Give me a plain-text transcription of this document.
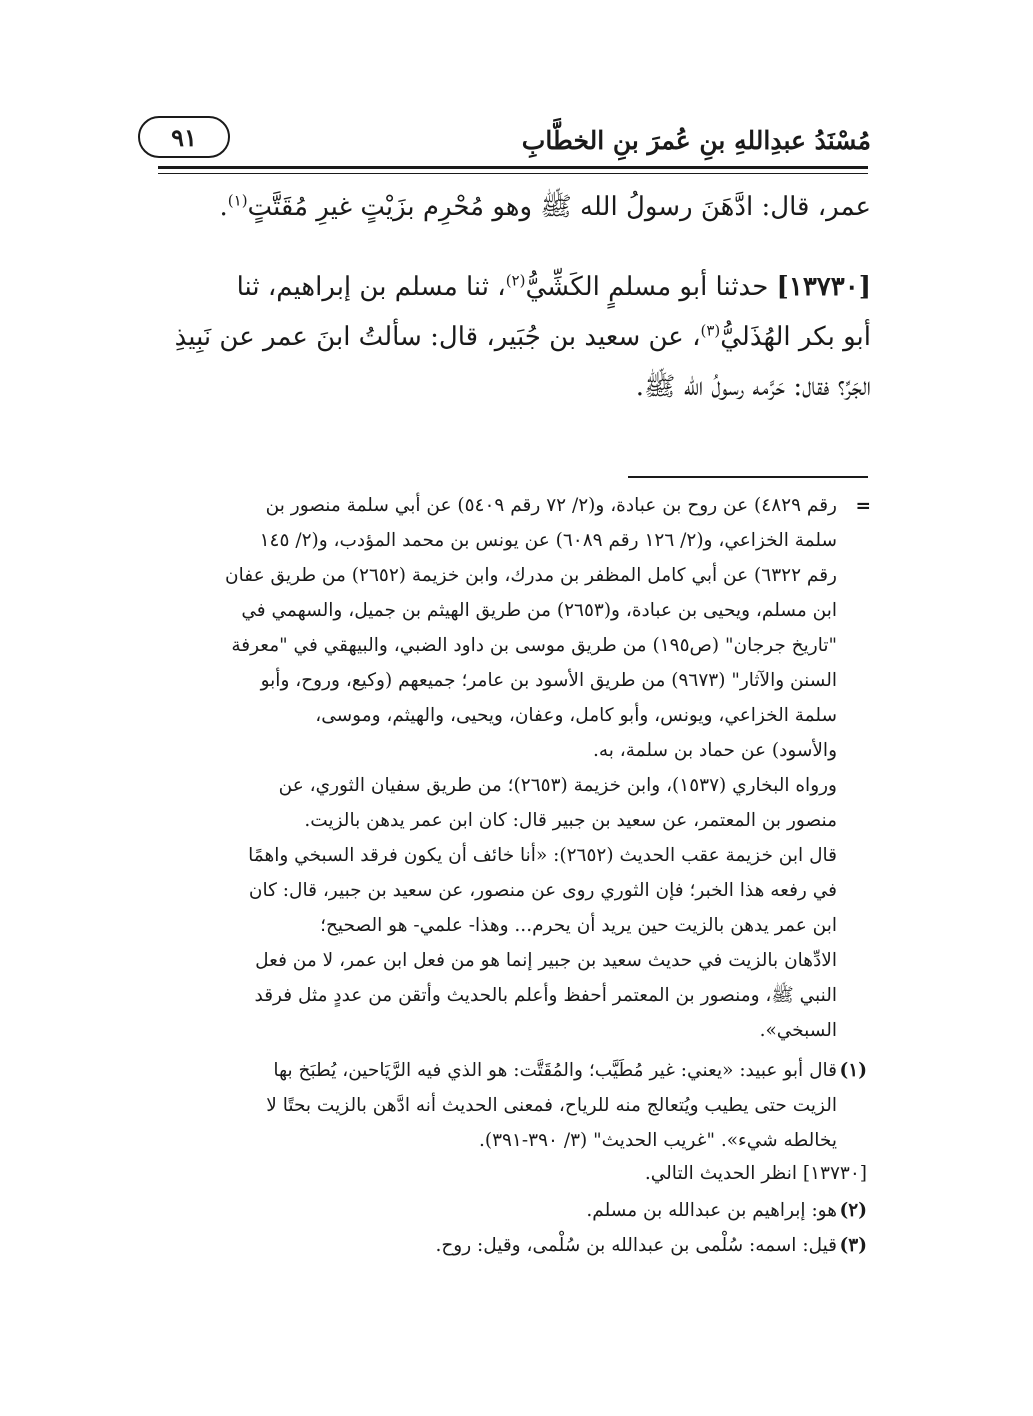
مُسْنَدُ عبدِاللهِ بنِ عُمرَ بنِ الخطَّابِ
٩١
عمر، قال: ادَّهَنَ رسولُ الله ﷺ وهو مُحْرِم بزَيْتٍ غيرِ مُقَتَّتٍ$^{(١)}$.
[١٣٧٣٠] حدثنا أبو مسلمٍ الكَشِّيُّ$^{(٢)}$، ثنا مسلم بن إبراهيم، ثنا
أبو بكر الهُذَليُّ$^{(٣)}$، عن سعيد بن جُبَير، قال: سألتُ ابنَ عمر عن نَبِيذِ
الجَرِّ؟ فقال: حَرَّمه رسولُ الله ﷺ.
=
رقم ٤٨٢٩) عن روح بن عبادة، و(٢/ ٧٢ رقم ٥٤٠٩) عن أبي سلمة منصور بن
سلمة الخزاعي، و(٢/ ١٢٦ رقم ٦٠٨٩) عن يونس بن محمد المؤدب، و(٢/ ١٤٥
رقم ٦٣٢٢) عن أبي كامل المظفر بن مدرك، وابن خزيمة (٢٦٥٢) من طريق عفان
ابن مسلم، ويحيى بن عبادة، و(٢٦٥٣) من طريق الهيثم بن جميل، والسهمي في
"تاريخ جرجان" (ص١٩٥) من طريق موسى بن داود الضبي، والبيهقي في "معرفة
السنن والآثار" (٩٦٧٣) من طريق الأسود بن عامر؛ جميعهم (وكيع، وروح، وأبو
سلمة الخزاعي، ويونس، وأبو كامل، وعفان، ويحيى، والهيثم، وموسى،
والأسود) عن حماد بن سلمة، به.
ورواه البخاري (١٥٣٧)، وابن خزيمة (٢٦٥٣)؛ من طريق سفيان الثوري، عن
منصور بن المعتمر، عن سعيد بن جبير قال: كان ابن عمر يدهن بالزيت.
قال ابن خزيمة عقب الحديث (٢٦٥٢): «أنا خائف أن يكون فرقد السبخي واهمًا
في رفعه هذا الخبر؛ فإن الثوري روى عن منصور، عن سعيد بن جبير، قال: كان
ابن عمر يدهن بالزيت حين يريد أن يحرم... وهذا- علمي- هو الصحيح؛
الادِّهان بالزيت في حديث سعيد بن جبير إنما هو من فعل ابن عمر، لا من فعل
النبي ﷺ، ومنصور بن المعتمر أحفظ وأعلم بالحديث وأتقن من عددٍ مثل فرقد
السبخي».
(١)
قال أبو عبيد: «يعني: غير مُطَيَّب؛ والمُقَتَّت: هو الذي فيه الرَّيَاحين، يُطبَخ بها
الزيت حتى يطيب ويُتعالج منه للرياح، فمعنى الحديث أنه ادَّهن بالزيت بحتًا لا
يخالطه شيء». "غريب الحديث" (٣/ ٣٩٠-٣٩١).
[١٣٧٣٠] انظر الحديث التالي.
(٢)
هو: إبراهيم بن عبدالله بن مسلم.
(٣)
قيل: اسمه: سُلْمى بن عبدالله بن سُلْمى، وقيل: روح.
